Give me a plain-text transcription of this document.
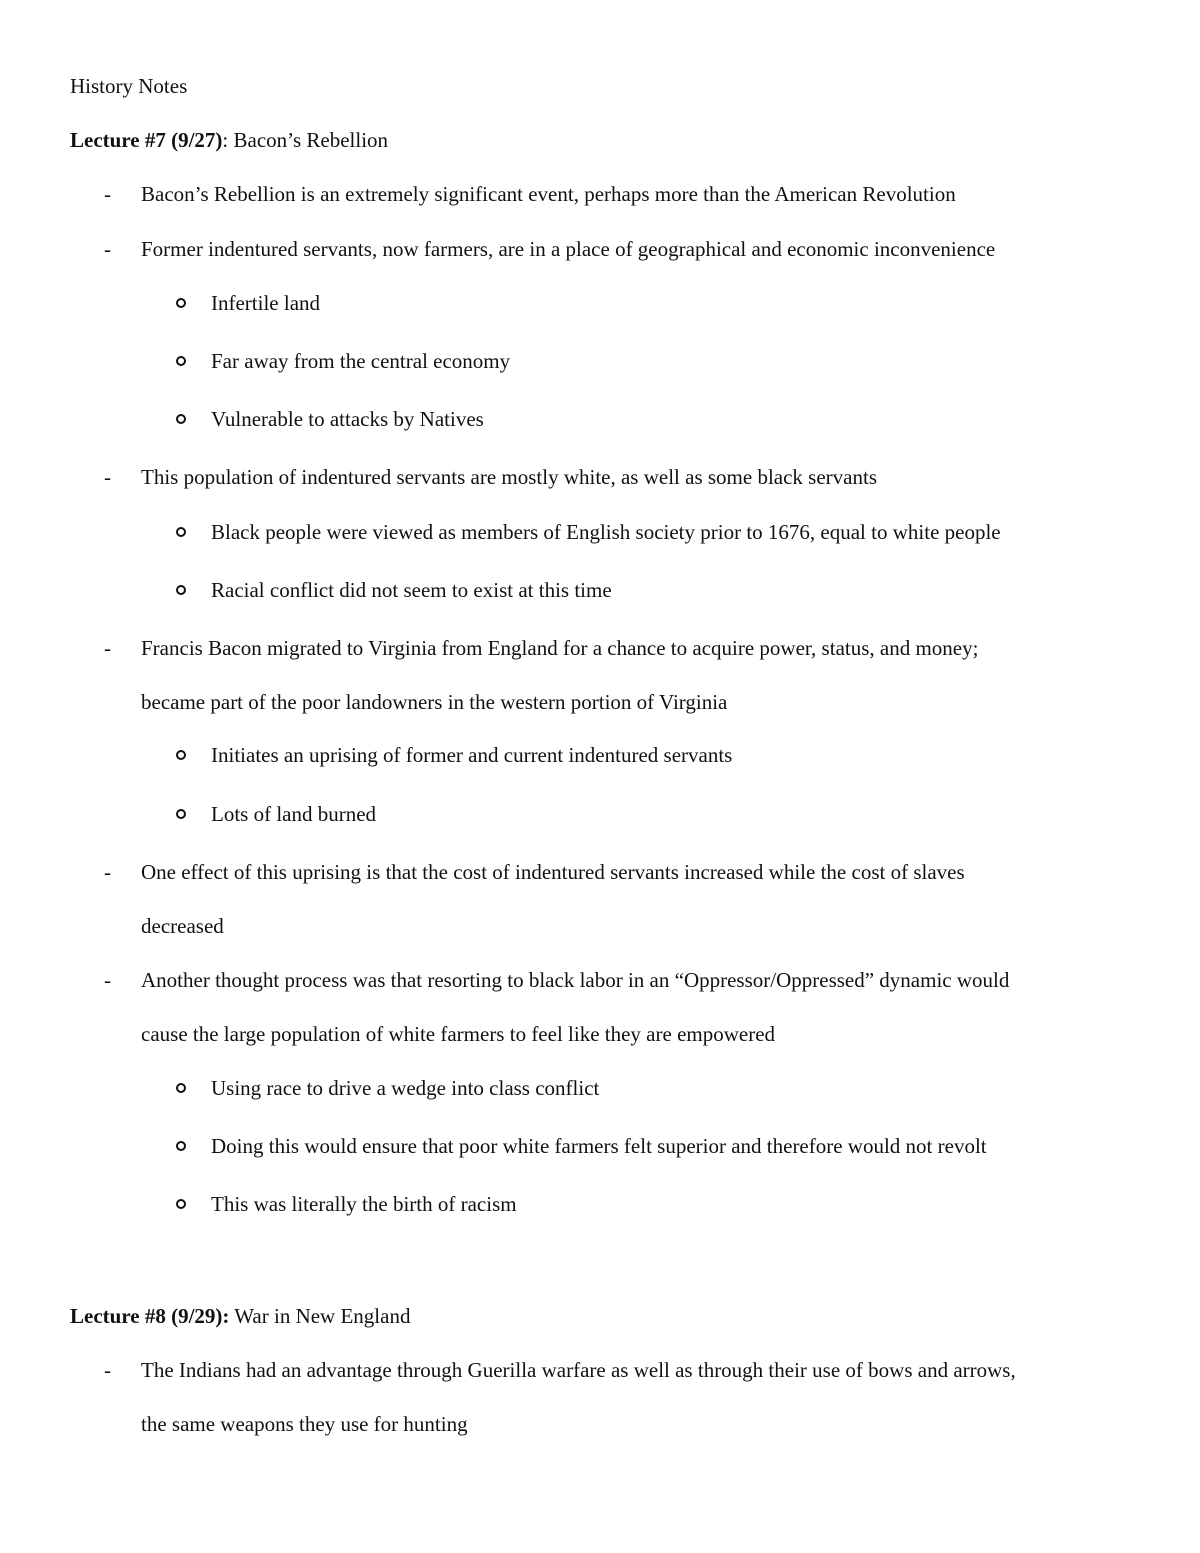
History Notes
Lecture #7 (9/27): Bacon’s Rebellion
- Bacon’s Rebellion is an extremely significant event, perhaps more than the American Revolution
- Former indentured servants, now farmers, are in a place of geographical and economic inconvenience
Infertile land
Far away from the central economy
Vulnerable to attacks by Natives
- This population of indentured servants are mostly white, as well as some black servants
Black people were viewed as members of English society prior to 1676, equal to white people
Racial conflict did not seem to exist at this time
- Francis Bacon migrated to Virginia from England for a chance to acquire power, status, and money;
became part of the poor landowners in the western portion of Virginia
Initiates an uprising of former and current indentured servants
Lots of land burned
- One effect of this uprising is that the cost of indentured servants increased while the cost of slaves
decreased
- Another thought process was that resorting to black labor in an “Oppressor/Oppressed” dynamic would
cause the large population of white farmers to feel like they are empowered
Using race to drive a wedge into class conflict
Doing this would ensure that poor white farmers felt superior and therefore would not revolt
This was literally the birth of racism
Lecture #8 (9/29): War in New England
- The Indians had an advantage through Guerilla warfare as well as through their use of bows and arrows,
the same weapons they use for hunting
